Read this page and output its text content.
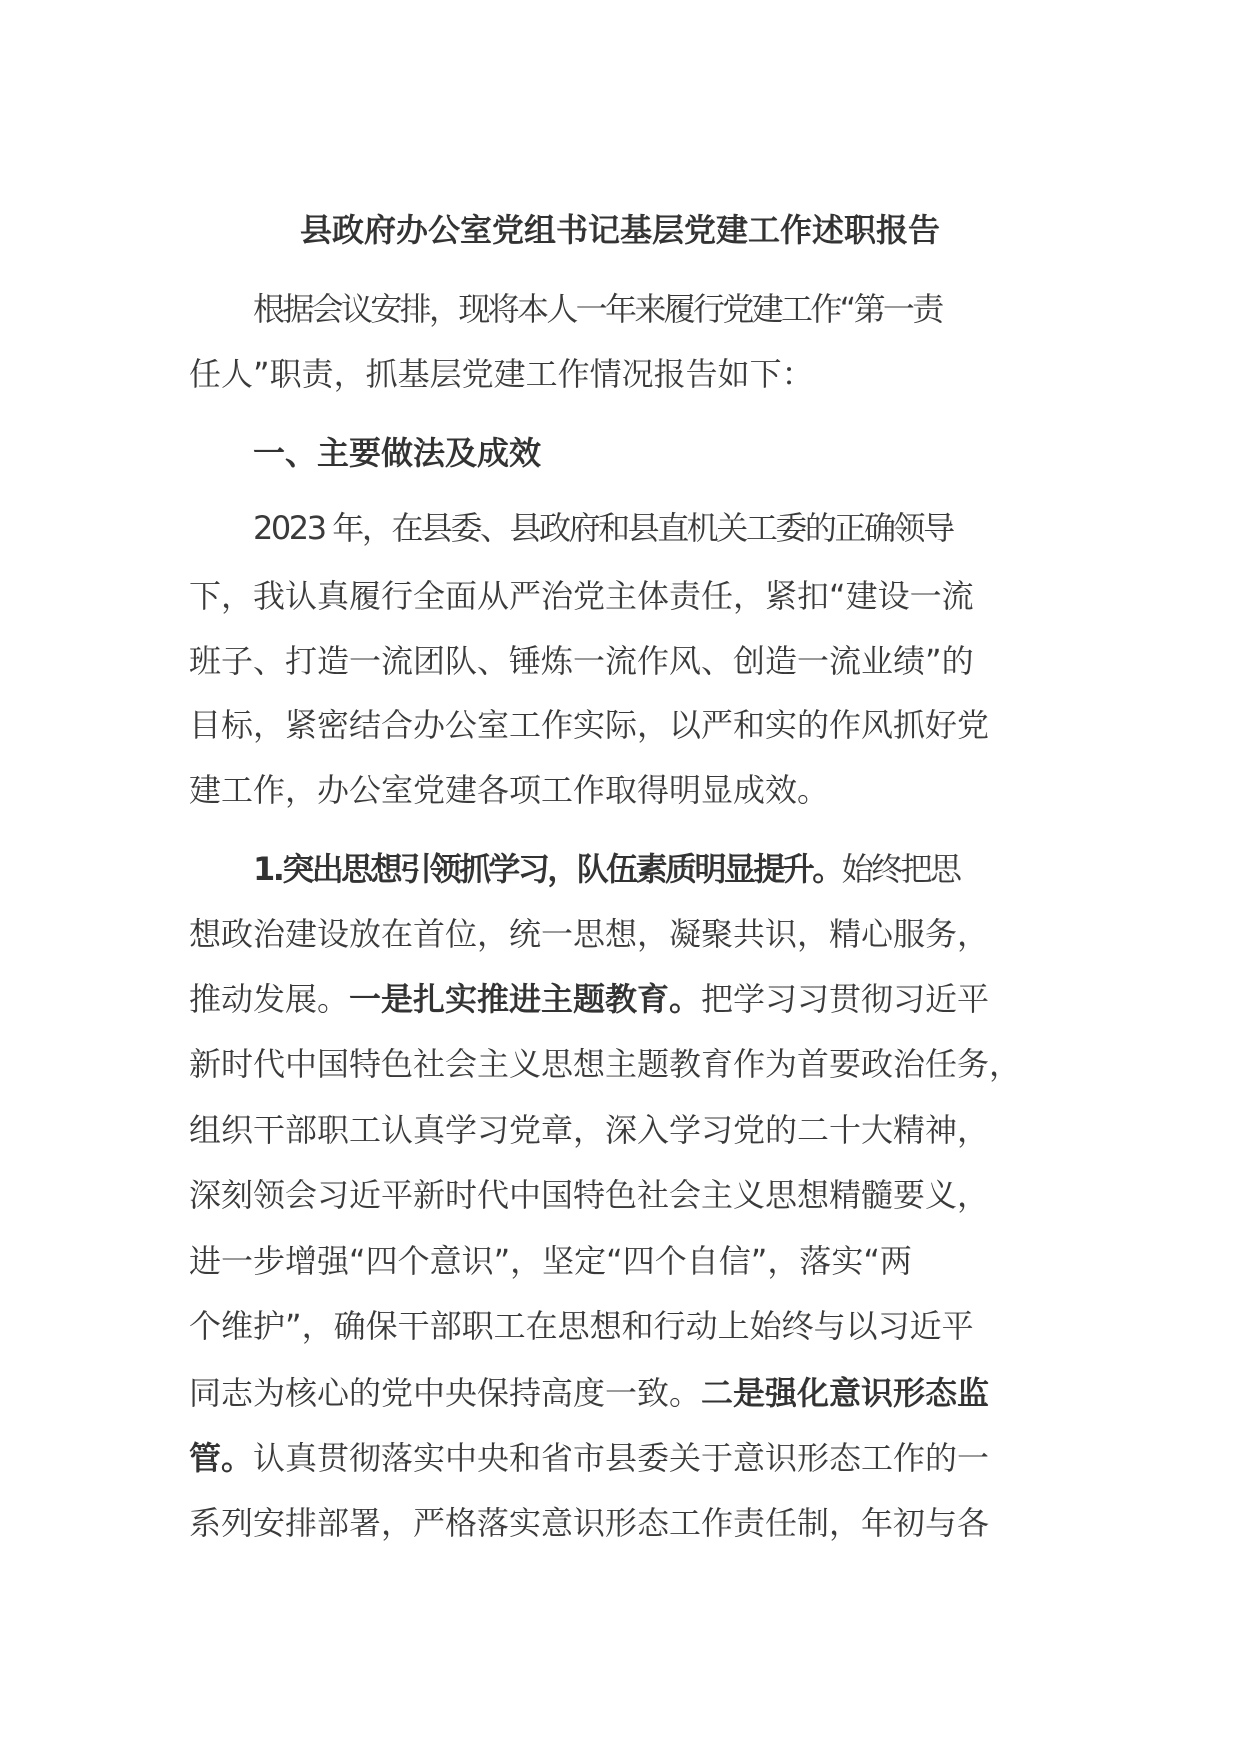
县政府办公室党组书记基层党建工作述职报告
根据会议安排，现将本人一年来履行党建工作“第一责
任人”职责，抓基层党建工作情况报告如下：
一、主要做法及成效
2023 年，在县委、县政府和县直机关工委的正确领导
下，我认真履行全面从严治党主体责任，紧扣“建设一流
班子、打造一流团队、锤炼一流作风、创造一流业绩”的
目标，紧密结合办公室工作实际，以严和实的作风抓好党
建工作，办公室党建各项工作取得明显成效。
1.突出思想引领抓学习，队伍素质明显提升。始终把思
想政治建设放在首位，统一思想，凝聚共识，精心服务，
推动发展。一是扎实推进主题教育。把学习习贯彻习近平
新时代中国特色社会主义思想主题教育作为首要政治任务，
组织干部职工认真学习党章，深入学习党的二十大精神，
深刻领会习近平新时代中国特色社会主义思想精髓要义，
进一步增强“四个意识”，坚定“四个自信”，落实“两
个维护”，确保干部职工在思想和行动上始终与以习近平
同志为核心的党中央保持高度一致。二是强化意识形态监
管。认真贯彻落实中央和省市县委关于意识形态工作的一
系列安排部署，严格落实意识形态工作责任制，年初与各
